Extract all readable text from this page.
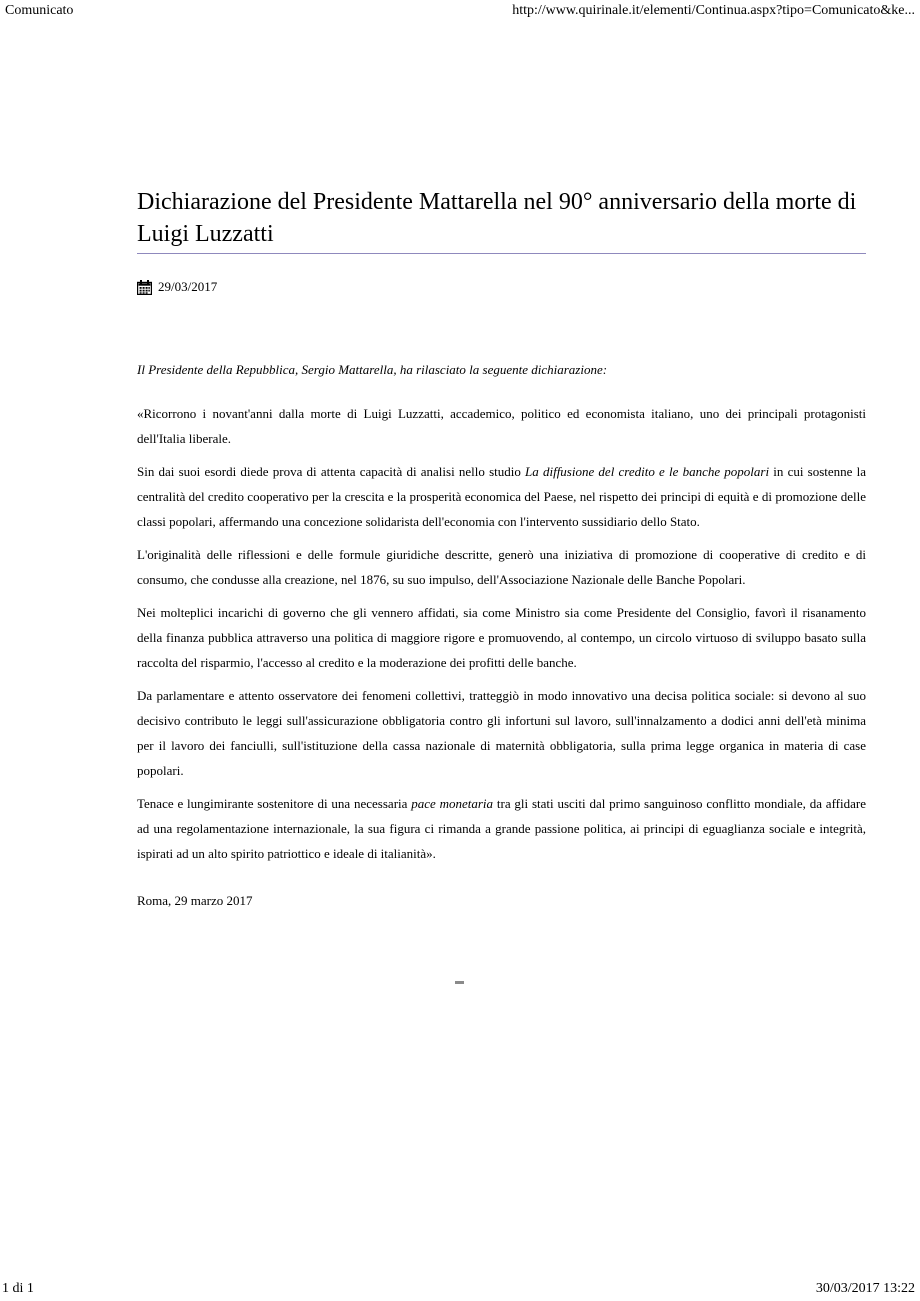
Comunicato	http://www.quirinale.it/elementi/Continua.aspx?tipo=Comunicato&ke...
Dichiarazione del Presidente Mattarella nel 90° anniversario della morte di Luigi Luzzatti
29/03/2017

Il Presidente della Repubblica, Sergio Mattarella, ha rilasciato la seguente dichiarazione:

«Ricorrono i novant'anni dalla morte di Luigi Luzzatti, accademico, politico ed economista italiano, uno dei principali protagonisti dell'Italia liberale.

Sin dai suoi esordi diede prova di attenta capacità di analisi nello studio La diffusione del credito e le banche popolari in cui sostenne la centralità del credito cooperativo per la crescita e la prosperità economica del Paese, nel rispetto dei principi di equità e di promozione delle classi popolari, affermando una concezione solidarista dell'economia con l'intervento sussidiario dello Stato.

L'originalità delle riflessioni e delle formule giuridiche descritte, generò una iniziativa di promozione di cooperative di credito e di consumo, che condusse alla creazione, nel 1876, su suo impulso, dell'Associazione Nazionale delle Banche Popolari.

Nei molteplici incarichi di governo che gli vennero affidati, sia come Ministro sia come Presidente del Consiglio, favorì il risanamento della finanza pubblica attraverso una politica di maggiore rigore e promuovendo, al contempo, un circolo virtuoso di sviluppo basato sulla raccolta del risparmio, l'accesso al credito e la moderazione dei profitti delle banche.

Da parlamentare e attento osservatore dei fenomeni collettivi, tratteggiò in modo innovativo una decisa politica sociale: si devono al suo decisivo contributo le leggi sull'assicurazione obbligatoria contro gli infortuni sul lavoro, sull'innalzamento a dodici anni dell'età minima per il lavoro dei fanciulli, sull'istituzione della cassa nazionale di maternità obbligatoria, sulla prima legge organica in materia di case popolari.

Tenace e lungimirante sostenitore di una necessaria pace monetaria tra gli stati usciti dal primo sanguinoso conflitto mondiale, da affidare ad una regolamentazione internazionale, la sua figura ci rimanda a grande passione politica, ai principi di eguaglianza sociale e integrità, ispirati ad un alto spirito patriottico e ideale di italianità».

Roma, 29 marzo 2017

1 di 1	30/03/2017 13:22
